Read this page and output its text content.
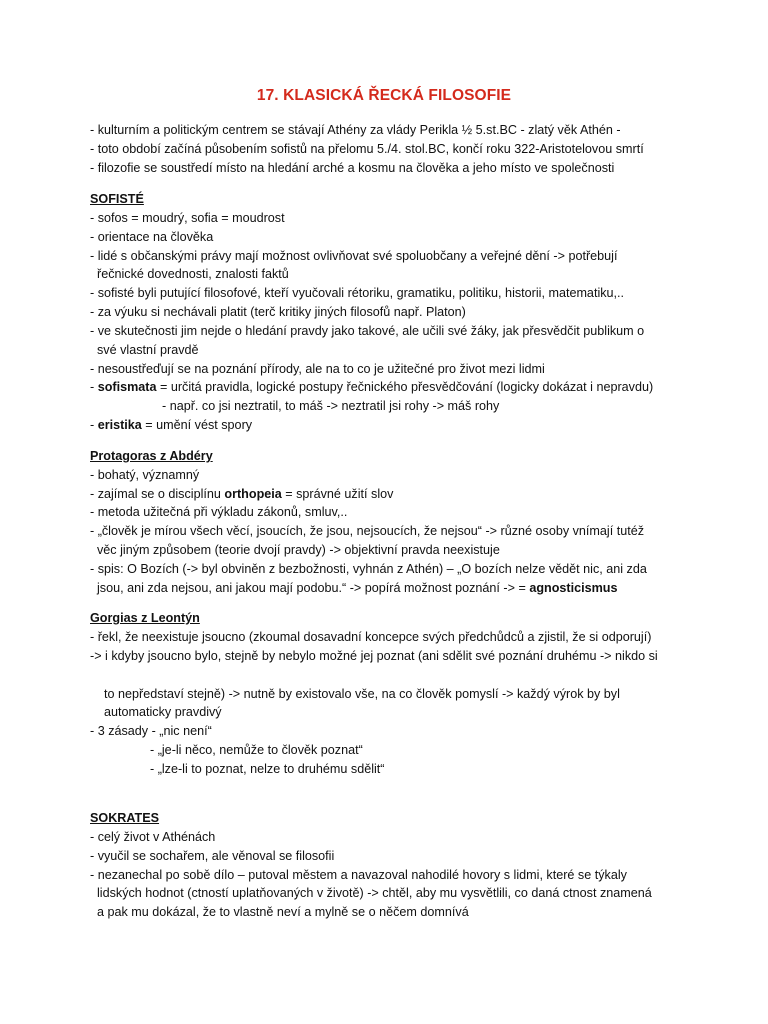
17. KLASICKÁ ŘECKÁ FILOSOFIE
- kulturním a politickým centrem se stávají Athény za vlády Perikla ½ 5.st.BC - zlatý věk Athén -
- toto období začíná působením sofistů na přelomu 5./4. stol.BC, končí roku 322-Aristotelovou smrtí
- filozofie se soustředí místo na hledání arché a kosmu na člověka a jeho místo ve společnosti
SOFISTÉ
- sofos = moudrý, sofia = moudrost
- orientace na člověka
- lidé s občanskými právy mají možnost ovlivňovat své spoluobčany a veřejné dění -> potřebují
řečnické dovednosti, znalosti faktů
- sofisté byli putující filosofové, kteří vyučovali rétoriku, gramatiku, politiku, historii, matematiku,..
- za výuku si nechávali platit (terč kritiky jiných filosofů např. Platon)
- ve skutečnosti jim nejde o hledání pravdy jako takové, ale učili své žáky, jak přesvědčit publikum o
své vlastní pravdě
- nesoustřeďují se na poznání přírody, ale na to co je užitečné pro život mezi lidmi
- sofismata = určitá pravidla, logické postupy řečnického přesvědčování (logicky dokázat i nepravdu)
- např. co jsi neztratil, to máš -> neztratil jsi rohy -> máš rohy
- eristika = umění vést spory
Protagoras z Abdéry
- bohatý, významný
- zajímal se o disciplínu orthopeia = správné užití slov
- metoda užitečná při výkladu zákonů, smluv,..
- „člověk je mírou všech věcí, jsoucích, že jsou, nejsoucích, že nejsou“ -> různé osoby vnímají tutéž
věc jiným způsobem (teorie dvojí pravdy) -> objektivní pravda neexistuje
- spis: O Bozích (-> byl obviněn z bezbožnosti, vyhnán z Athén) – „O bozích nelze vědět nic, ani zda
jsou, ani zda nejsou, ani jakou mají podobu.“ -> popírá možnost poznání -> = agnosticismus
Gorgias z Leontýn
- řekl, že neexistuje jsoucno (zkoumal dosavadní koncepce svých předchůdců a zjistil, že si odporují)
-> i kdyby jsoucno bylo, stejně by nebylo možné jej poznat (ani sdělit své poznání druhému -> nikdo si
to nepředstaví stejně) -> nutně by existovalo vše, na co člověk pomyslí -> každý výrok by byl
automaticky pravdivý
- 3 zásady - „nic není“
- „je-li něco, nemůže to člověk poznat“
- „lze-li to poznat, nelze to druhému sdělit“
SOKRATES
- celý život v Athénách
- vyučil se sochařem, ale věnoval se filosofii
- nezanechal po sobě dílo – putoval městem a navazoval nahodilé hovory s lidmi, které se týkaly
lidských hodnot (ctností uplatňovaných v životě) -> chtěl, aby mu vysvětlili, co daná ctnost znamená
a pak mu dokázal, že to vlastně neví a mylně se o něčem domnívá
